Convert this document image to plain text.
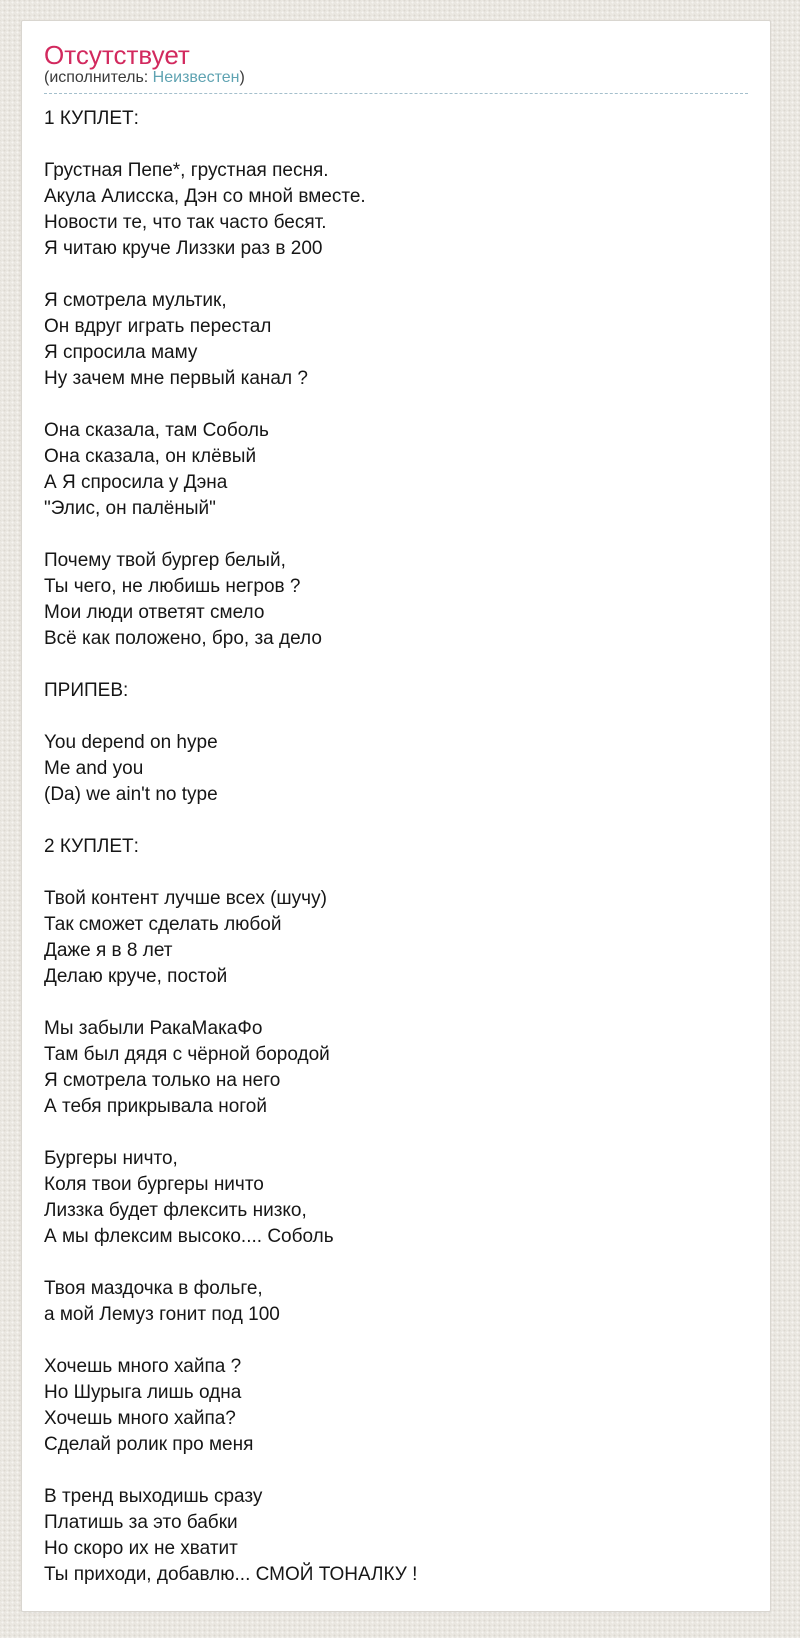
Отсутствует

(исполнитель: Неизвестен)

1 КУПЛЕТ:

Грустная Пепе*, грустная песня.
Акула Алисска, Дэн со мной вместе.
Новости те, что так часто бесят.
Я читаю круче Лиззки раз в 200

Я смотрела мультик,
Он вдруг играть перестал
Я спросила маму
Ну зачем мне первый канал ?

Она сказала, там Соболь
Она сказала, он клёвый
А Я спросила у Дэна
"Элис, он палёный"

Почему твой бургер белый,
Ты чего, не любишь негров ?
Мои люди ответят смело
Всё как положено, бро, за дело

ПРИПЕВ:

You depend on hype
Me and you
(Da) we ain't no type

2 КУПЛЕТ:

Твой контент лучше всех (шучу)
Так сможет сделать любой
Даже я в 8 лет
Делаю круче, постой

Мы забыли РакаМакаФо
Там был дядя с чёрной бородой
Я смотрела только на него
А тебя прикрывала ногой

Бургеры ничто,
Коля твои бургеры ничто
Лиззка будет флексить низко,
А мы флексим высоко.... Соболь

Твоя маздочка в фольге,
а мой Лемуз гонит под 100

Хочешь много хайпа ?
Но Шурыга лишь одна
Хочешь много хайпа?
Сделай ролик про меня

В тренд выходишь сразу
Платишь за это бабки
Но скоро их не хватит
Ты приходи, добавлю... СМОЙ ТОНАЛКУ !
